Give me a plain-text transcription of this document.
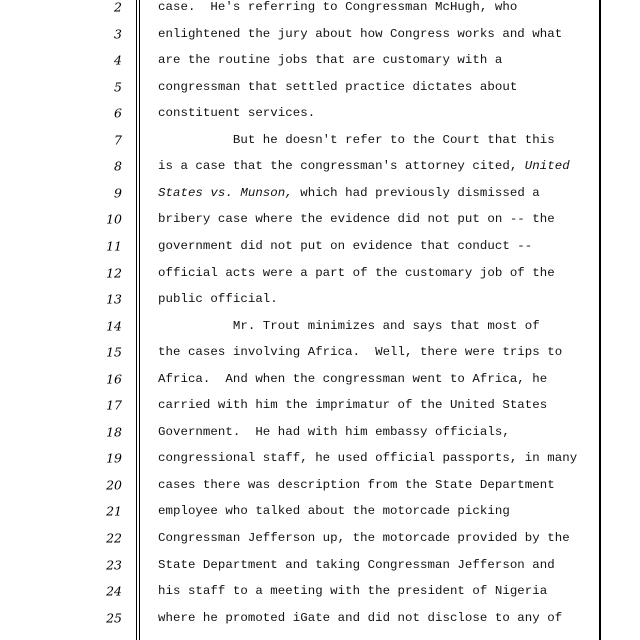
2	case.  He's referring to Congressman McHugh, who
3	enlightened the jury about how Congress works and what
4	are the routine jobs that are customary with a
5	congressman that settled practice dictates about
6	constituent services.
7	But he doesn't refer to the Court that this
8	is a case that the congressman's attorney cited, United
9	States vs. Munson, which had previously dismissed a
10	bribery case where the evidence did not put on -- the
11	government did not put on evidence that conduct --
12	official acts were a part of the customary job of the
13	public official.
14	Mr. Trout minimizes and says that most of
15	the cases involving Africa.  Well, there were trips to
16	Africa.  And when the congressman went to Africa, he
17	carried with him the imprimatur of the United States
18	Government.  He had with him embassy officials,
19	congressional staff, he used official passports, in many
20	cases there was description from the State Department
21	employee who talked about the motorcade picking
22	Congressman Jefferson up, the motorcade provided by the
23	State Department and taking Congressman Jefferson and
24	his staff to a meeting with the president of Nigeria
25	where he promoted iGate and did not disclose to any of
